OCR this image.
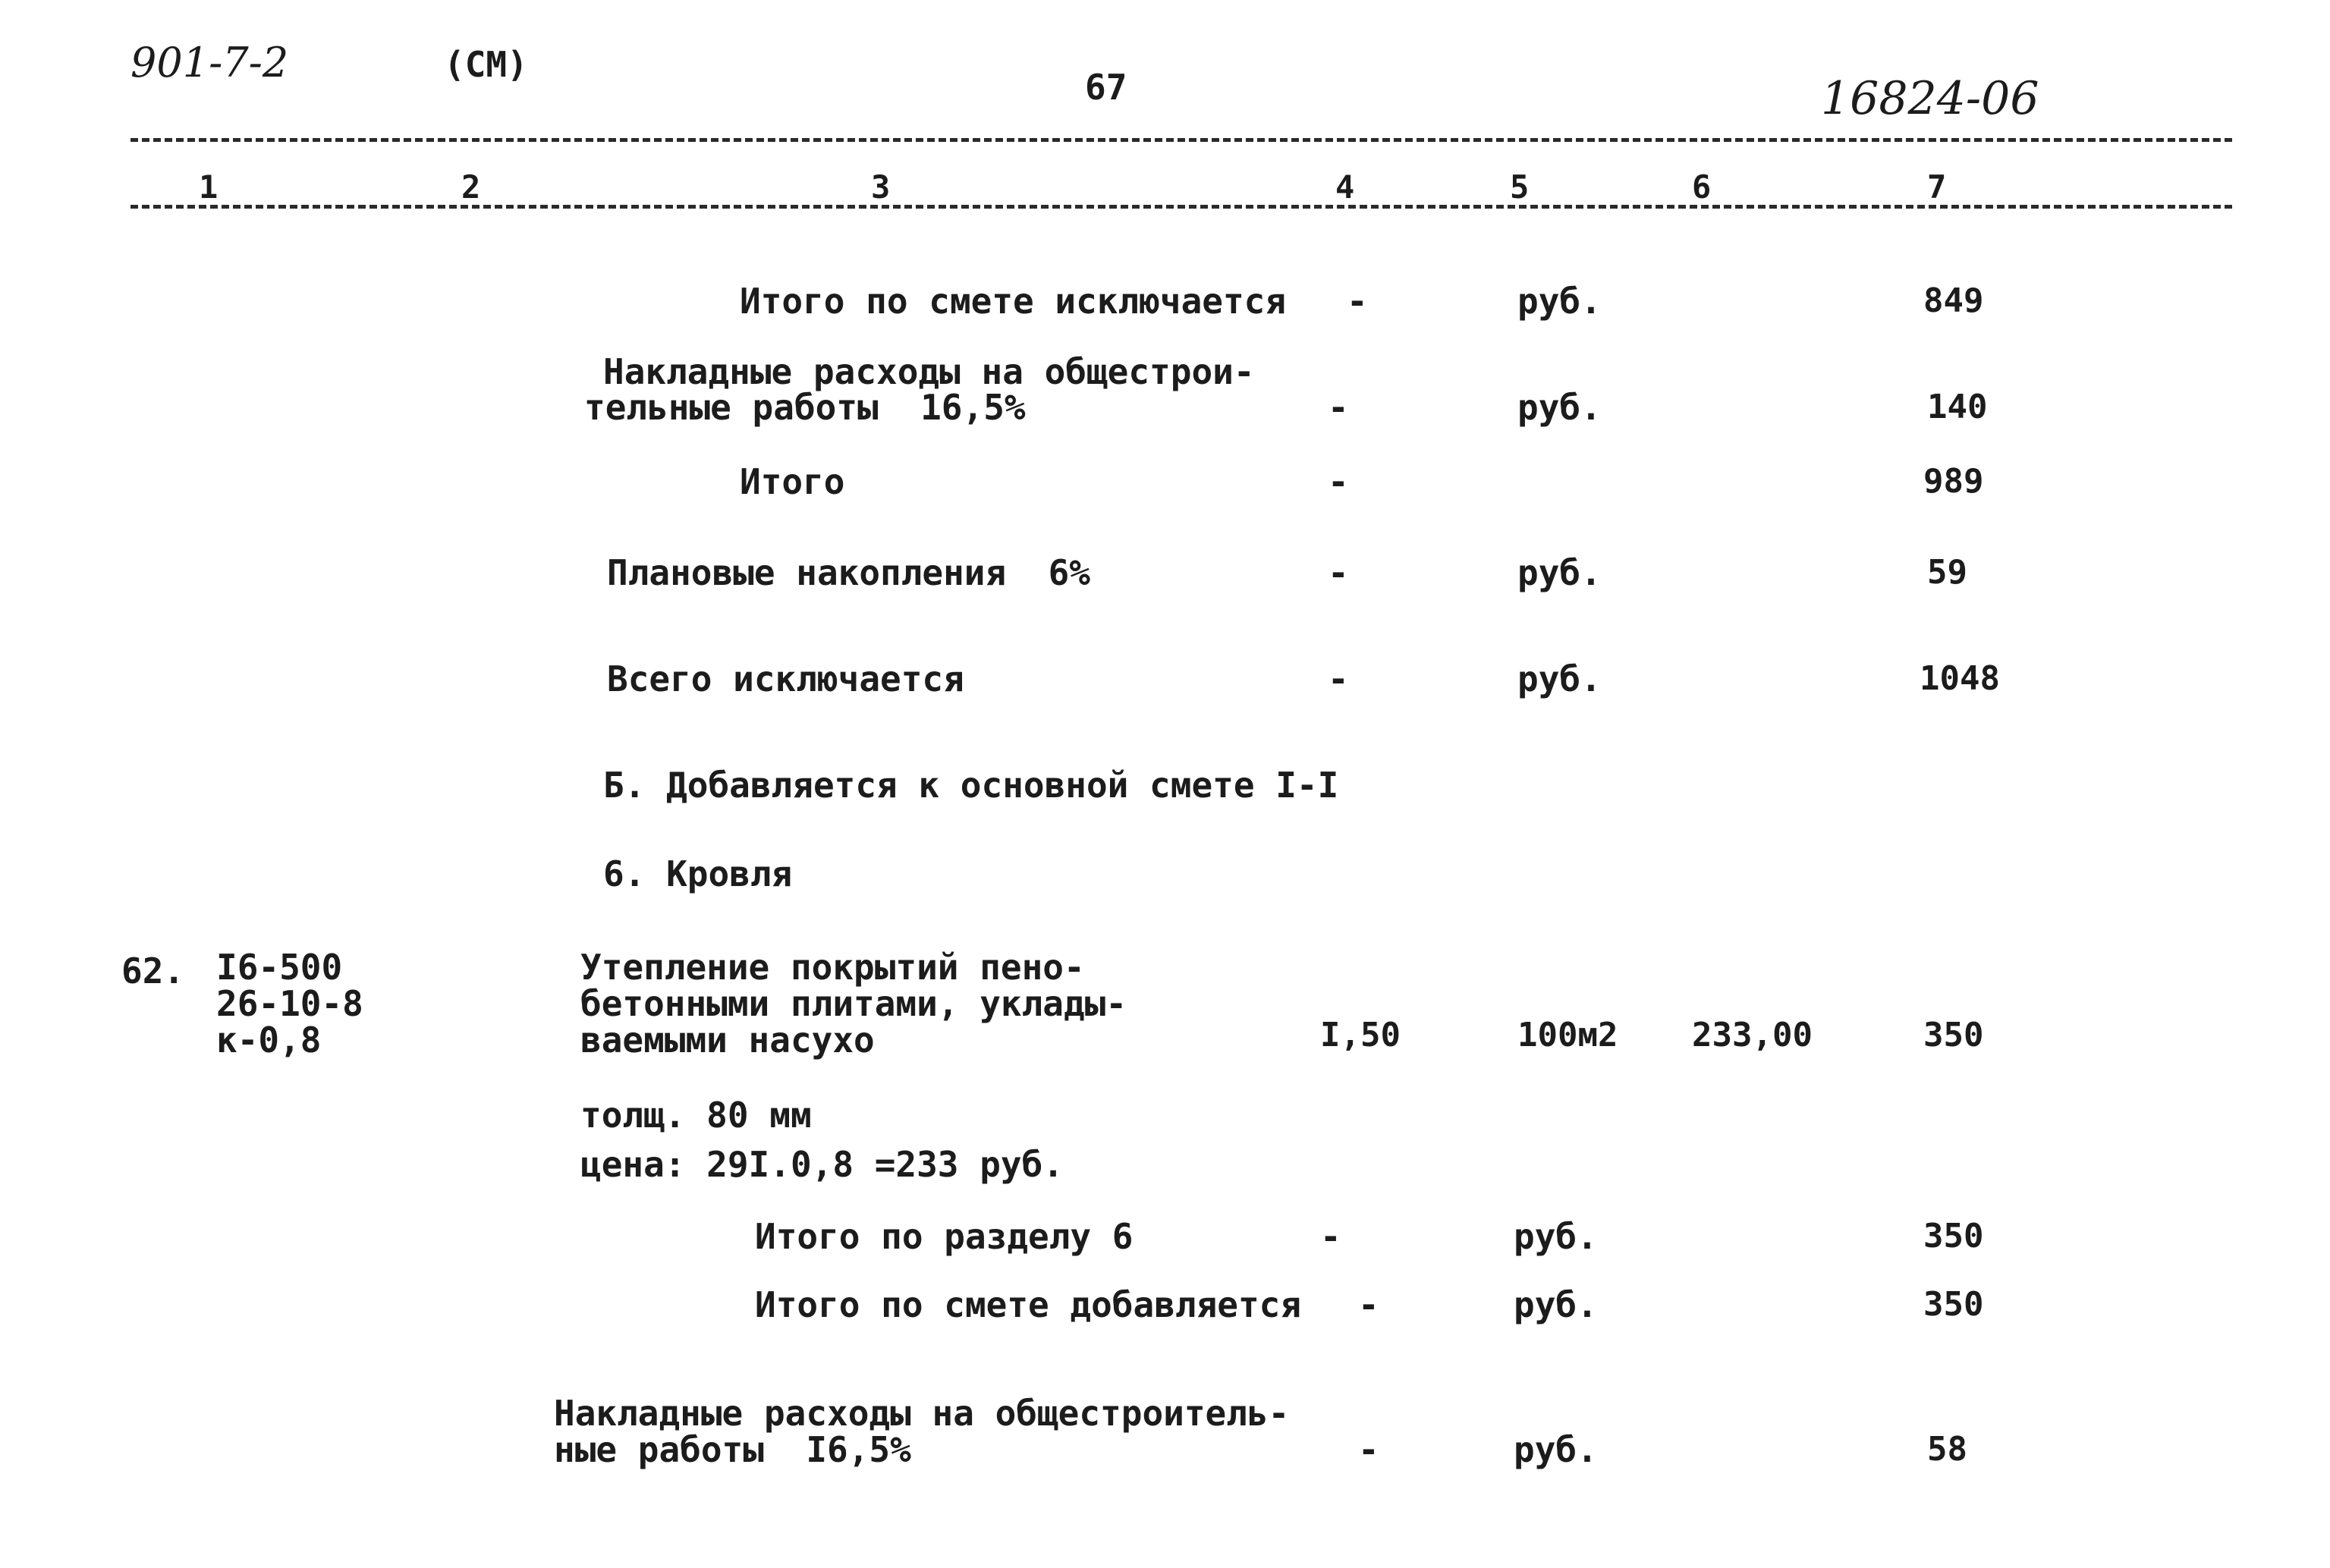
901-7-2	(СМ)
67	16824-06
1	2	3	4	5	6	7
Итого по смете исключается -	руб.	849
Накладные расходы на общестрои-
тельные работы  16,5%	-	руб.	140
Итого	-	989
Плановые накопления  6%	-	руб.	59
Всего исключается	-	руб.	1048
Б. Добавляется к основной смете I-I
6. Кровля
62. I6-500
26-10-8
к-0,8
Утепление покрытий пено-
бетонными плитами, уклады-
ваемыми насухо	I,50	100м2 233,00	350
толщ. 80 мм
цена: 29I.0,8 =233 руб.
Итого по разделу 6	-	руб.	350
Итого по смете добавляется -	руб.	350
Накладные расходы на общестроитель-
ные работы  I6,5%	-	руб.	58
